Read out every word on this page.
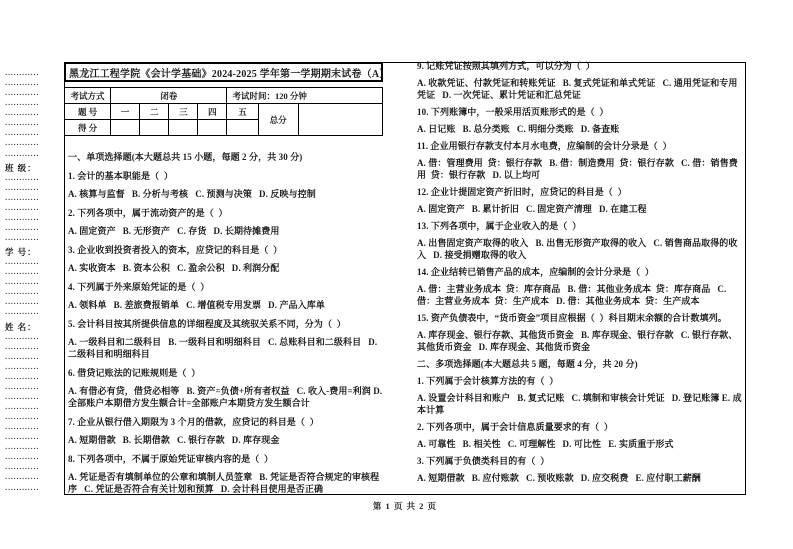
············
············
············
············
············
············
············
············
············
班 级：
············
············
············
············
············
············
············
学 号：
············
············
············
············
············
············
姓 名：
············
············
············
············
············
············
············
············
············
············
············
············
············
············
············
············
黑龙江工程学院《会计学基础》2024-2025 学年第一学期期末试卷（A）
考试方式	闭卷				考试时间：120 分钟		
题 号	一	二	三	四	五	总分	
得 分							

一、单项选择题(本大题总共 15 小题，每题 2 分，共 30 分)

1. 会计的基本职能是（  ）

A. 核算与监督   B. 分析与考核   C. 预测与决策   D. 反映与控制

2. 下列各项中，属于流动资产的是（  ）

A. 固定资产   B. 无形资产   C. 存货   D. 长期待摊费用

3. 企业收到投资者投入的资本，应贷记的科目是（  ）

A. 实收资本   B. 资本公积   C. 盈余公积   D. 利润分配

4. 下列属于外来原始凭证的是（  ）

A. 领料单   B. 差旅费报销单   C. 增值税专用发票   D. 产品入库单

5. 会计科目按其所提供信息的详细程度及其统驭关系不同，分为（  ）

A. 一级科目和二级科目   B. 一级科目和明细科目   C. 总账科目和二级科目   D. 二级科目和明细科目

6. 借贷记账法的记账规则是（  ）

A. 有借必有贷，借贷必相等   B. 资产=负债+所有者权益   C. 收入-费用=利润 D. 全部账户本期借方发生额合计=全部账户本期贷方发生额合计

7. 企业从银行借入期限为 3 个月的借款，应贷记的科目是（  ）

A. 短期借款   B. 长期借款   C. 银行存款   D. 库存现金

8. 下列各项中，不属于原始凭证审核内容的是（  ）

A. 凭证是否有填制单位的公章和填制人员签章   B. 凭证是否符合规定的审核程序   C. 凭证是否符合有关计划和预算   D. 会计科目使用是否正确

9. 记账凭证按照其填列方式，可以分为（  ）

A. 收款凭证、付款凭证和转账凭证   B. 复式凭证和单式凭证   C. 通用凭证和专用凭证   D. 一次凭证、累计凭证和汇总凭证

10. 下列账簿中，一般采用活页账形式的是（  ）

A. 日记账   B. 总分类账   C. 明细分类账   D. 备查账

11. 企业用银行存款支付本月水电费，应编制的会计分录是（  ）

A. 借：管理费用  贷：银行存款   B. 借：制造费用  贷：银行存款   C. 借：销售费用  贷：银行存款   D. 以上均可

12. 企业计提固定资产折旧时，应贷记的科目是（  ）

A. 固定资产   B. 累计折旧   C. 固定资产清理   D. 在建工程

13. 下列各项中，属于企业收入的是（  ）

A. 出售固定资产取得的收入   B. 出售无形资产取得的收入   C. 销售商品取得的收入   D. 接受捐赠取得的收入

14. 企业结转已销售产品的成本，应编制的会计分录是（  ）

A. 借：主营业务成本  贷：库存商品   B. 借：其他业务成本  贷：库存商品   C. 借：主营业务成本  贷：生产成本   D. 借：其他业务成本  贷：生产成本

15. 资产负债表中，“货币资金”项目应根据（  ）科目期末余额的合计数填列。

A. 库存现金、银行存款、其他货币资金   B. 库存现金、银行存款   C. 银行存款、其他货币资金   D. 库存现金、其他货币资金

二、多项选择题(本大题总共 5 题，每题 4 分，共 20 分)

1. 下列属于会计核算方法的有（  ）

A. 设置会计科目和账户   B. 复式记账   C. 填制和审核会计凭证   D. 登记账簿 E. 成本计算

2. 下列各项中，属于会计信息质量要求的有（  ）

A. 可靠性   B. 相关性   C. 可理解性   D. 可比性   E. 实质重于形式

3. 下列属于负债类科目的有（  ）

A. 短期借款   B. 应付账款   C. 预收账款   D. 应交税费   E. 应付职工薪酬

第 1 页 共 2 页
